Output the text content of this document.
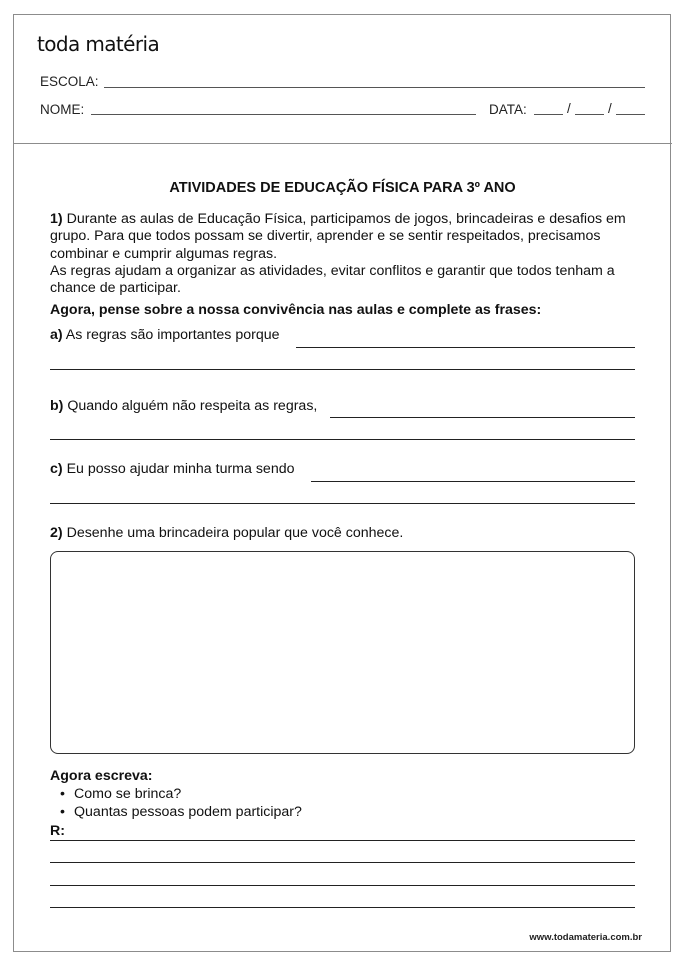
toda matéria
ESCOLA:
NOME:	DATA:	/	/
ATIVIDADES DE EDUCAÇÃO FÍSICA PARA 3º ANO
1) Durante as aulas de Educação Física, participamos de jogos, brincadeiras e desafios em grupo. Para que todos possam se divertir, aprender e se sentir respeitados, precisamos combinar e cumprir algumas regras.
As regras ajudam a organizar as atividades, evitar conflitos e garantir que todos tenham a chance de participar.
Agora, pense sobre a nossa convivência nas aulas e complete as frases:
a) As regras são importantes porque
b) Quando alguém não respeita as regras,
c) Eu posso ajudar minha turma sendo
2) Desenhe uma brincadeira popular que você conhece.
Agora escreva:
• Como se brinca?
• Quantas pessoas podem participar?
R:
www.todamateria.com.br
